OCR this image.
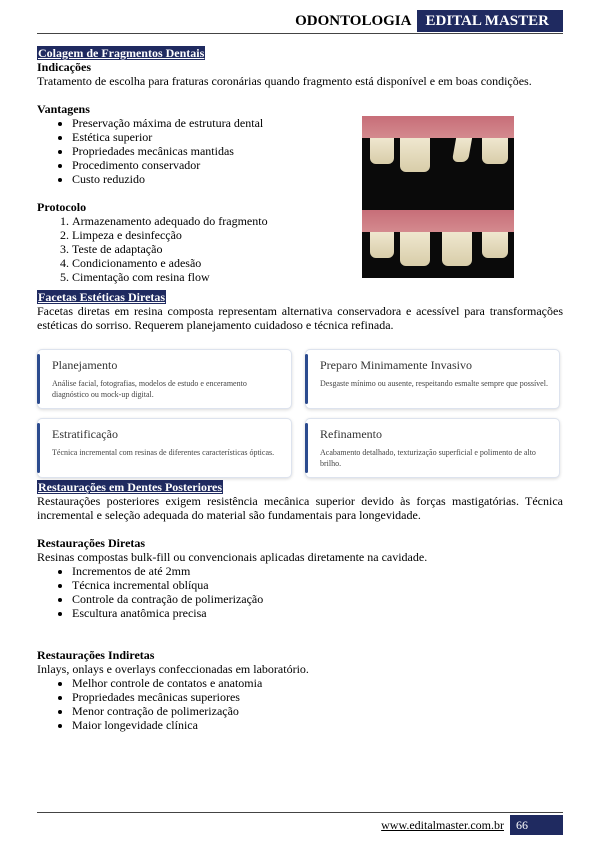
ODONTOLOGIA EDITAL MASTER
Colagem de Fragmentos Dentais
Indicações

Tratamento de escolha para fraturas coronárias quando fragmento está disponível e em boas condições.

Vantagens
• Preservação máxima de estrutura dental
• Estética superior
• Propriedades mecânicas mantidas
• Procedimento conservador
• Custo reduzido
Protocolo
1. Armazenamento adequado do fragmento
2. Limpeza e desinfecção
3. Teste de adaptação
4. Condicionamento e adesão
5. Cimentação com resina flow
Facetas Estéticas Diretas

Facetas diretas em resina composta representam alternativa conservadora e acessível para transformações estéticas do sorriso. Requerem planejamento cuidadoso e técnica refinada.

Restaurações em Dentes Posteriores

Restaurações posteriores exigem resistência mecânica superior devido às forças mastigatórias. Técnica incremental e seleção adequada do material são fundamentais para longevidade.

Restaurações Diretas

Resinas compostas bulk-fill ou convencionais aplicadas diretamente na cavidade.

• Incrementos de até 2mm
• Técnica incremental oblíqua
• Controle da contração de polimerização
• Escultura anatômica precisa
Restaurações Indiretas

Inlays, onlays e overlays confeccionadas em laboratório.

• Melhor controle de contatos e anatomia
• Propriedades mecânicas superiores
• Menor contração de polimerização
• Maior longevidade clínica
Planejamento
Análise facial, fotografias, modelos de estudo e enceramento diagnóstico ou mock-up digital.
Preparo Minimamente Invasivo
Desgaste mínimo ou ausente, respeitando esmalte sempre que possível.
Estratificação
Técnica incremental com resinas de diferentes características ópticas.
Refinamento
Acabamento detalhado, texturização superficial e polimento de alto brilho.
www.editalmaster.com.br	66
